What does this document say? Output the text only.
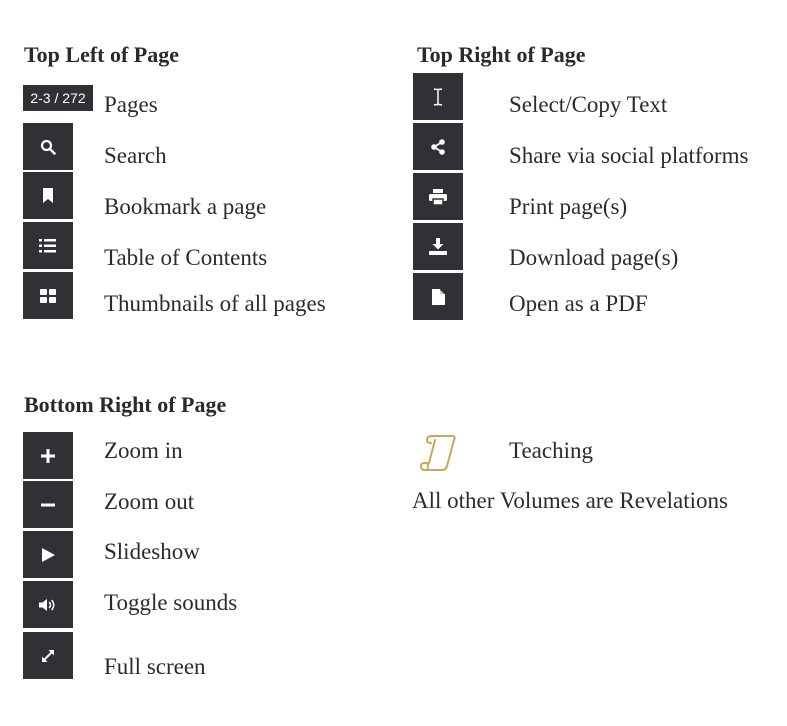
Top Left of Page	Top Right of Page
Bottom Right of Page
2-3 / 272 Pages
Search
Bookmark a page
Table of Contents
Thumbnails of all pages
Select/Copy Text
Share via social platforms
Print page(s)
Download page(s)
Open as a PDF
Zoom in
Zoom out
Slideshow
Toggle sounds
Full screen
Teaching
All other Volumes are Revelations
